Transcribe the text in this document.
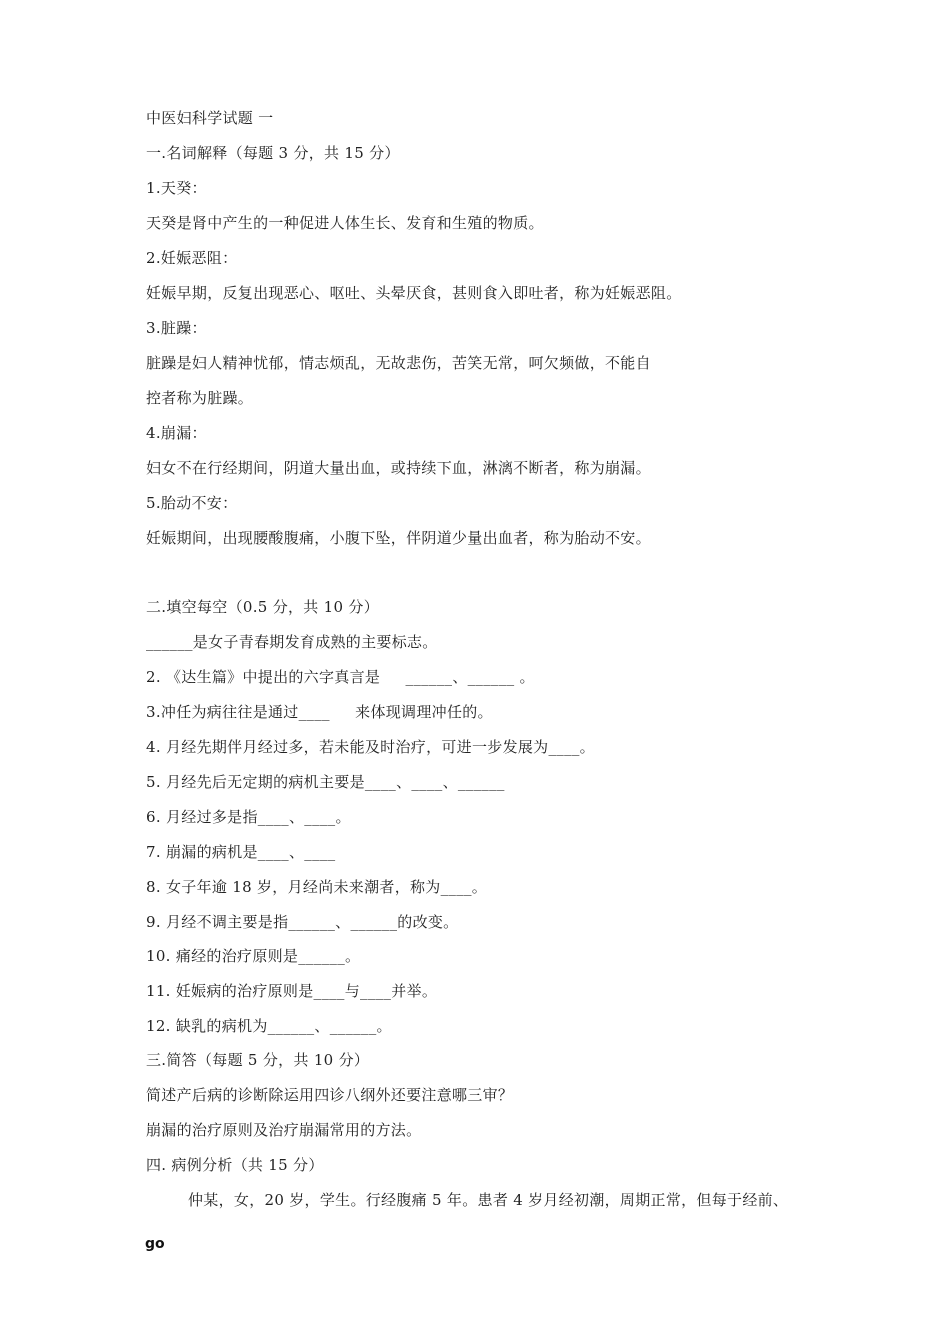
中医妇科学试题 一
一.名词解释（每题 3 分，共 15 分）
1.天癸：
天癸是肾中产生的一种促进人体生长、发育和生殖的物质。
2.妊娠恶阻：
妊娠早期，反复出现恶心、呕吐、头晕厌食，甚则食入即吐者，称为妊娠恶阻。
3.脏躁：
脏躁是妇人精神忧郁，情志烦乱，无故悲伤，苦笑无常，呵欠频做，不能自
控者称为脏躁。
4.崩漏：
妇女不在行经期间，阴道大量出血，或持续下血，淋漓不断者，称为崩漏。
5.胎动不安：
妊娠期间，出现腰酸腹痛，小腹下坠，伴阴道少量出血者，称为胎动不安。
二.填空每空（0.5 分，共 10 分）
______是女子青春期发育成熟的主要标志。
2. 《达生篇》中提出的六字真言是     ______、______ 。
3.冲任为病往往是通过____     来体现调理冲任的。
4. 月经先期伴月经过多，若未能及时治疗，可进一步发展为____。
5. 月经先后无定期的病机主要是____、____、______
6. 月经过多是指____、____。
7. 崩漏的病机是____、____
8. 女子年逾 18 岁，月经尚未来潮者，称为____。
9. 月经不调主要是指______、______的改变。
10. 痛经的治疗原则是______。
11. 妊娠病的治疗原则是____与____并举。
12. 缺乳的病机为______、______。
三.简答（每题 5 分，共 10 分）
简述产后病的诊断除运用四诊八纲外还要注意哪三审？
崩漏的治疗原则及治疗崩漏常用的方法。
四. 病例分析（共 15 分）
仲某，女，20 岁，学生。行经腹痛 5 年。患者 4 岁月经初潮，周期正常，但每于经前、
go
